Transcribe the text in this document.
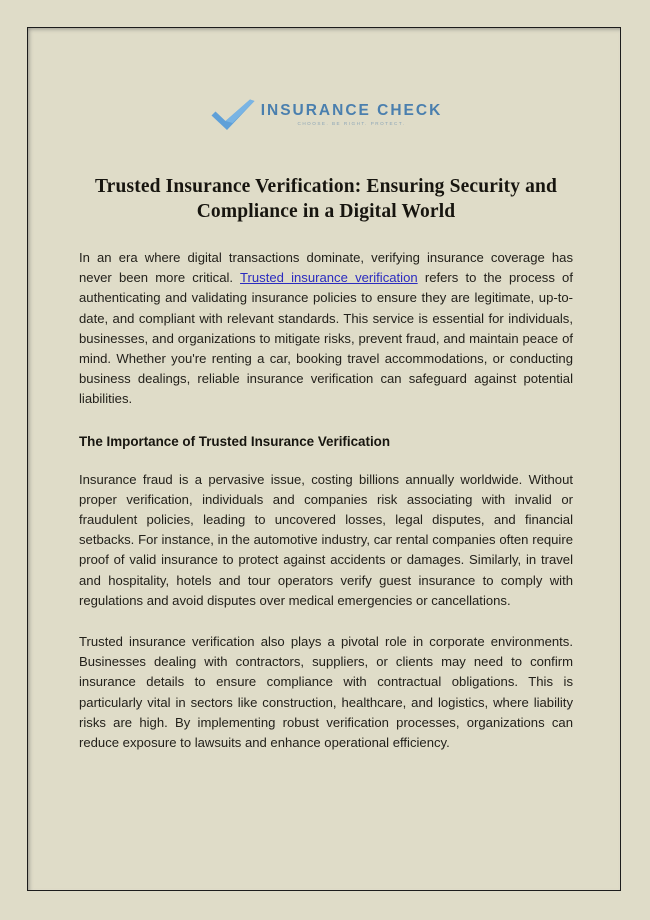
INSURANCE CHECK
CHOOSE. BE RIGHT. PROTECT.
Trusted Insurance Verification: Ensuring Security and Compliance in a Digital World

In an era where digital transactions dominate, verifying insurance coverage has never been more critical. Trusted insurance verification refers to the process of authenticating and validating insurance policies to ensure they are legitimate, up-to-date, and compliant with relevant standards. This service is essential for individuals, businesses, and organizations to mitigate risks, prevent fraud, and maintain peace of mind. Whether you're renting a car, booking travel accommodations, or conducting business dealings, reliable insurance verification can safeguard against potential liabilities.

The Importance of Trusted Insurance Verification

Insurance fraud is a pervasive issue, costing billions annually worldwide. Without proper verification, individuals and companies risk associating with invalid or fraudulent policies, leading to uncovered losses, legal disputes, and financial setbacks. For instance, in the automotive industry, car rental companies often require proof of valid insurance to protect against accidents or damages. Similarly, in travel and hospitality, hotels and tour operators verify guest insurance to comply with regulations and avoid disputes over medical emergencies or cancellations.

Trusted insurance verification also plays a pivotal role in corporate environments. Businesses dealing with contractors, suppliers, or clients may need to confirm insurance details to ensure compliance with contractual obligations. This is particularly vital in sectors like construction, healthcare, and logistics, where liability risks are high. By implementing robust verification processes, organizations can reduce exposure to lawsuits and enhance operational efficiency.
